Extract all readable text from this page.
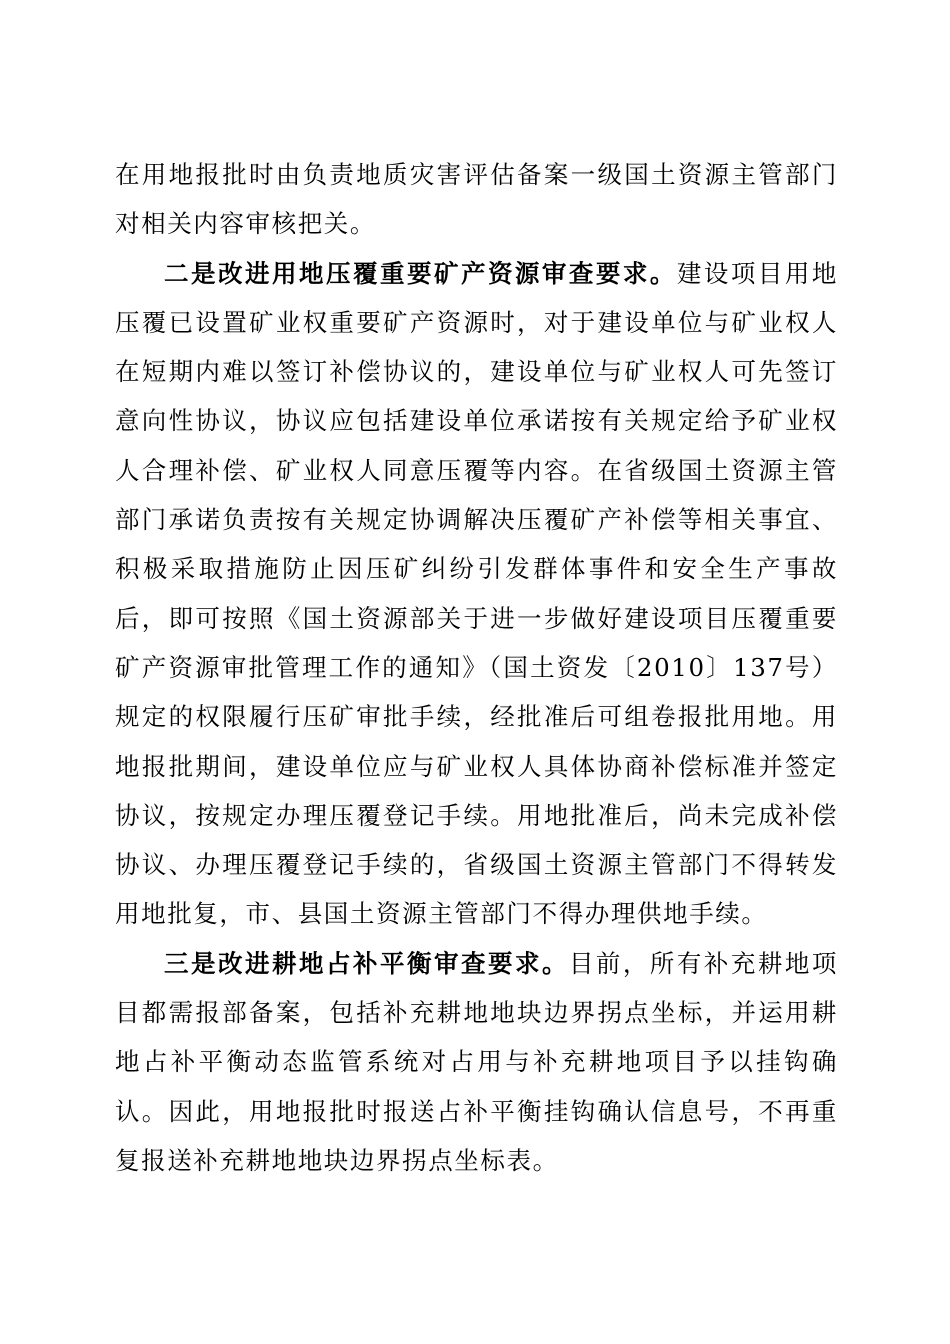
在用地报批时由负责地质灾害评估备案一级国土资源主管部门对相关内容审核把关。

二是改进用地压覆重要矿产资源审查要求。建设项目用地压覆已设置矿业权重要矿产资源时，对于建设单位与矿业权人在短期内难以签订补偿协议的，建设单位与矿业权人可先签订意向性协议，协议应包括建设单位承诺按有关规定给予矿业权人合理补偿、矿业权人同意压覆等内容。在省级国土资源主管部门承诺负责按有关规定协调解决压覆矿产补偿等相关事宜、积极采取措施防止因压矿纠纷引发群体事件和安全生产事故后，即可按照《国土资源部关于进一步做好建设项目压覆重要矿产资源审批管理工作的通知》（国土资发〔2010〕137号）规定的权限履行压矿审批手续，经批准后可组卷报批用地。用地报批期间，建设单位应与矿业权人具体协商补偿标准并签定协议，按规定办理压覆登记手续。用地批准后，尚未完成补偿协议、办理压覆登记手续的，省级国土资源主管部门不得转发用地批复，市、县国土资源主管部门不得办理供地手续。

三是改进耕地占补平衡审查要求。目前，所有补充耕地项目都需报部备案，包括补充耕地地块边界拐点坐标，并运用耕地占补平衡动态监管系统对占用与补充耕地项目予以挂钩确认。因此，用地报批时报送占补平衡挂钩确认信息号，不再重复报送补充耕地地块边界拐点坐标表。
